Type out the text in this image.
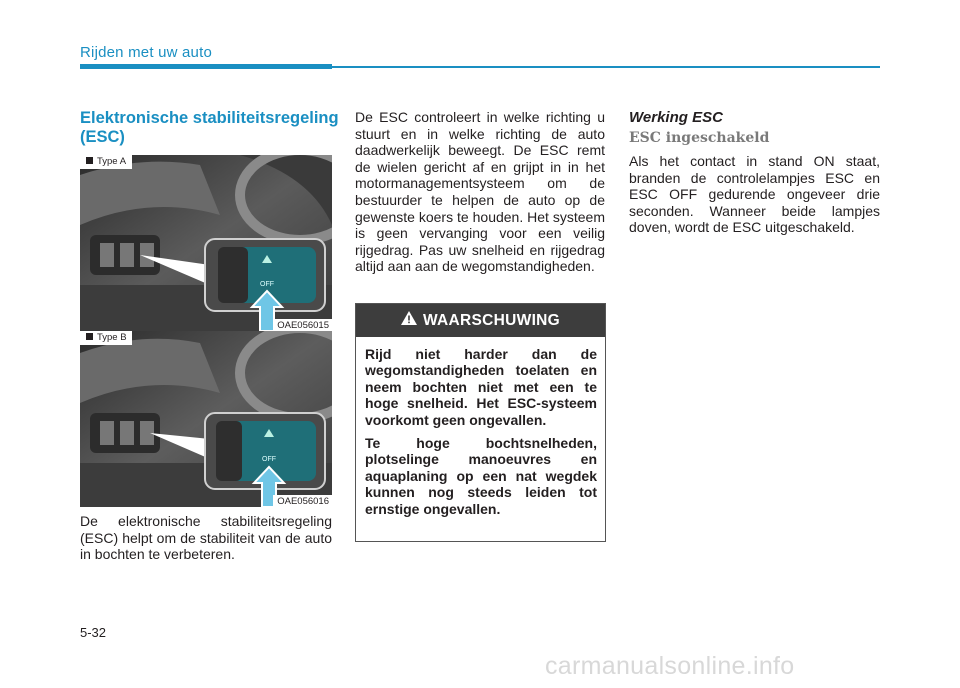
Rijden met uw auto
Elektronische stabiliteitsregeling (ESC)
Type A
OFF
OAE056015
Type B
OFF
OAE056016
De elektronische stabiliteitsregeling (ESC) helpt om de stabiliteit van de auto in bochten te verbeteren.
De ESC controleert in welke richting u stuurt en in welke richting de auto daadwerkelijk beweegt. De ESC remt de wielen gericht af en grijpt in in het motormanagementsysteem om de bestuurder te helpen de auto op de gewenste koers te houden. Het systeem is geen vervanging voor een veilig rijgedrag. Pas uw snelheid en rijgedrag altijd aan aan de wegomstandigheden.
WAARSCHUWING

Rijd niet harder dan de wegomstandigheden toelaten en neem bochten niet met een te hoge snelheid. Het ESC-systeem voorkomt geen ongevallen.

Te hoge bochtsnelheden, plotselinge manoeuvres en aquaplaning op een nat wegdek kunnen nog steeds leiden tot ernstige ongevallen.

Werking ESC
ESC ingeschakeld
Als het contact in stand ON staat, branden de controlelampjes ESC en ESC OFF gedurende ongeveer drie seconden. Wanneer beide lampjes doven, wordt de ESC uitgeschakeld.
5-32
carmanualsonline.info
